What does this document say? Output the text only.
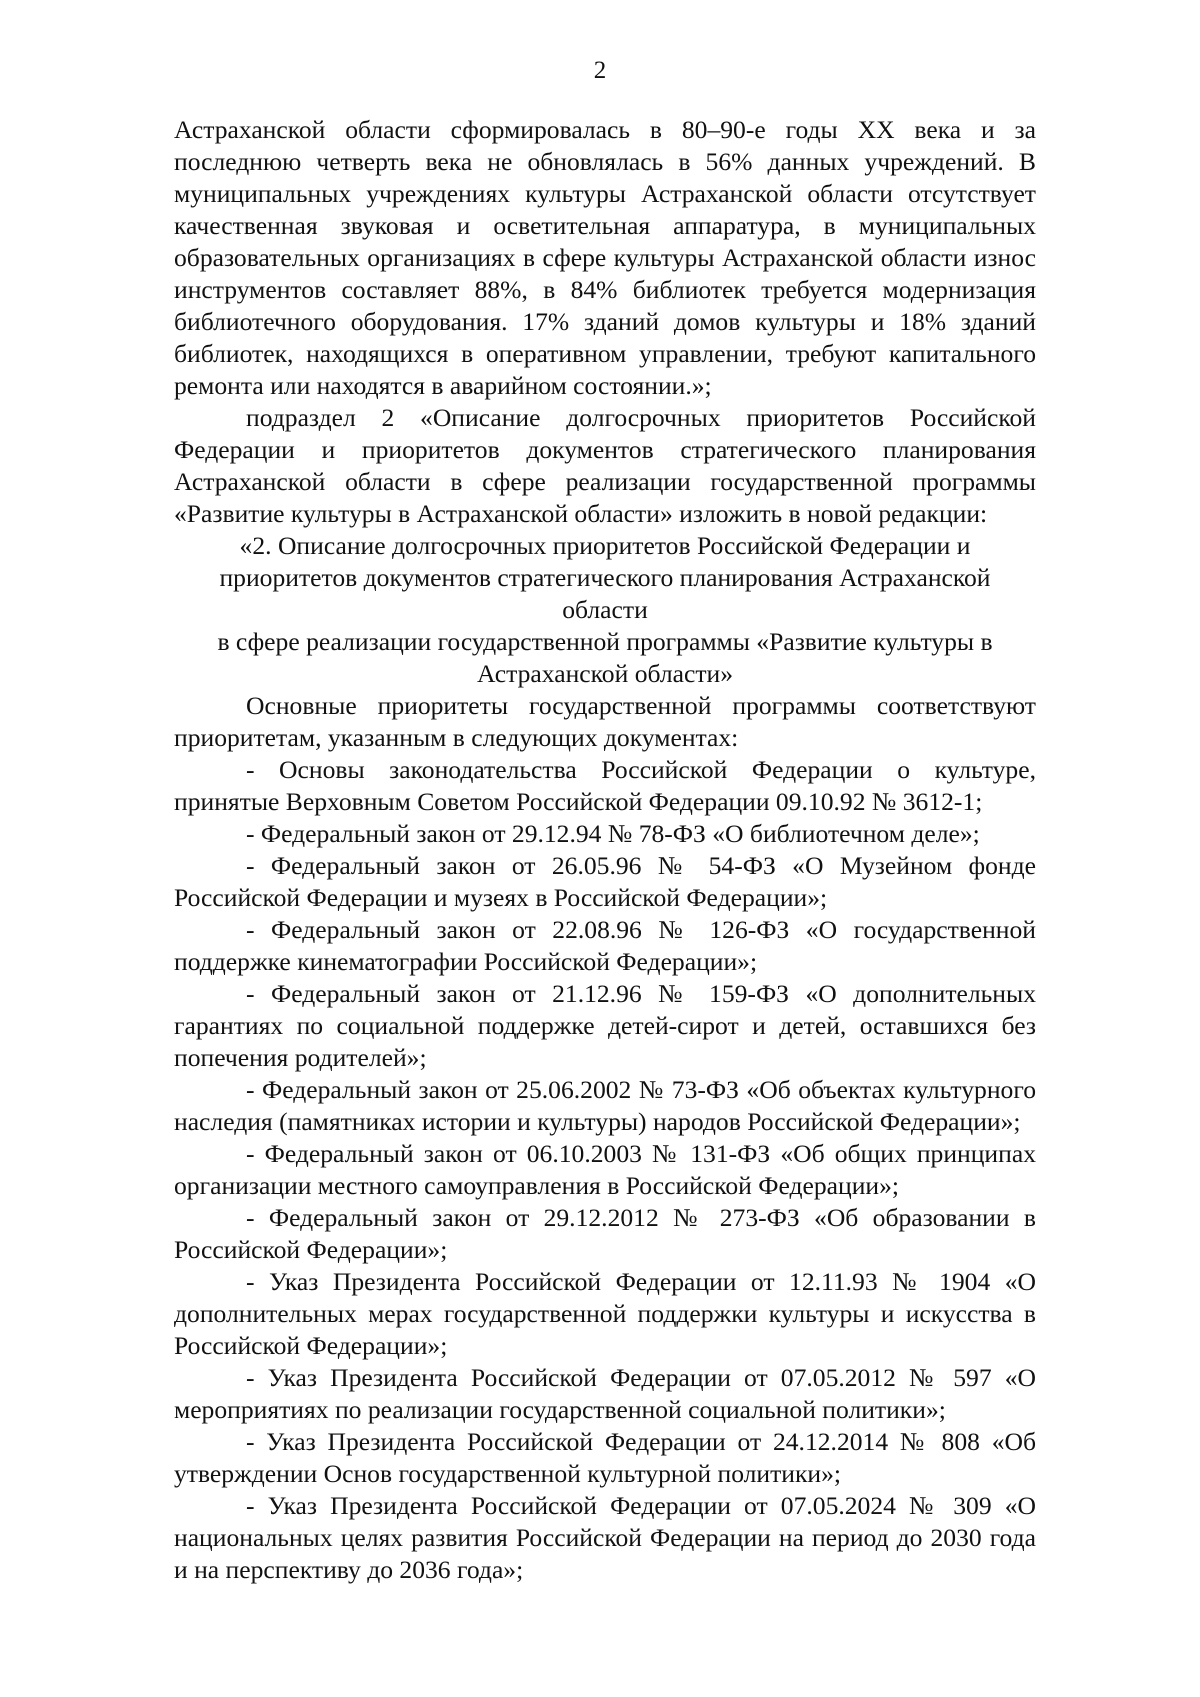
2

Астраханской области сформировалась в 80–90-е годы XX века и за последнюю четверть века не обновлялась в 56% данных учреждений. В муниципальных учреждениях культуры Астраханской области отсутствует качественная звуковая и осветительная аппаратура, в муниципальных образовательных организациях в сфере культуры Астраханской области износ инструментов составляет 88%, в 84% библиотек требуется модернизация библиотечного оборудования. 17% зданий домов культуры и 18% зданий библиотек, находящихся в оперативном управлении, требуют капитального ремонта или находятся в аварийном состоянии.»;

подраздел 2 «Описание долгосрочных приоритетов Российской Федерации и приоритетов документов стратегического планирования Астраханской области в сфере реализации государственной программы «Развитие культуры в Астраханской области» изложить в новой редакции:

«2. Описание долгосрочных приоритетов Российской Федерации и приоритетов документов стратегического планирования Астраханской области

в сфере реализации государственной программы «Развитие культуры в Астраханской области»

Основные приоритеты государственной программы соответствуют приоритетам, указанным в следующих документах:

- Основы законодательства Российской Федерации о культуре, принятые Верховным Советом Российской Федерации 09.10.92 № 3612-1;

- Федеральный закон от 29.12.94 № 78-ФЗ «О библиотечном деле»;

- Федеральный закон от 26.05.96 № 54-ФЗ «О Музейном фонде Российской Федерации и музеях в Российской Федерации»;

- Федеральный закон от 22.08.96 № 126-ФЗ «О государственной поддержке кинематографии Российской Федерации»;

- Федеральный закон от 21.12.96 № 159-ФЗ «О дополнительных гарантиях по социальной поддержке детей-сирот и детей, оставшихся без попечения родителей»;

- Федеральный закон от 25.06.2002 № 73-ФЗ «Об объектах культурного наследия (памятниках истории и культуры) народов Российской Федерации»;

- Федеральный закон от 06.10.2003 № 131-ФЗ «Об общих принципах организации местного самоуправления в Российской Федерации»;

- Федеральный закон от 29.12.2012 № 273-ФЗ «Об образовании в Российской Федерации»;

- Указ Президента Российской Федерации от 12.11.93 № 1904 «О дополнительных мерах государственной поддержки культуры и искусства в Российской Федерации»;

- Указ Президента Российской Федерации от 07.05.2012 № 597 «О мероприятиях по реализации государственной социальной политики»;

- Указ Президента Российской Федерации от 24.12.2014 № 808 «Об утверждении Основ государственной культурной политики»;

- Указ Президента Российской Федерации от 07.05.2024 № 309 «О национальных целях развития Российской Федерации на период до 2030 года и на перспективу до 2036 года»;
